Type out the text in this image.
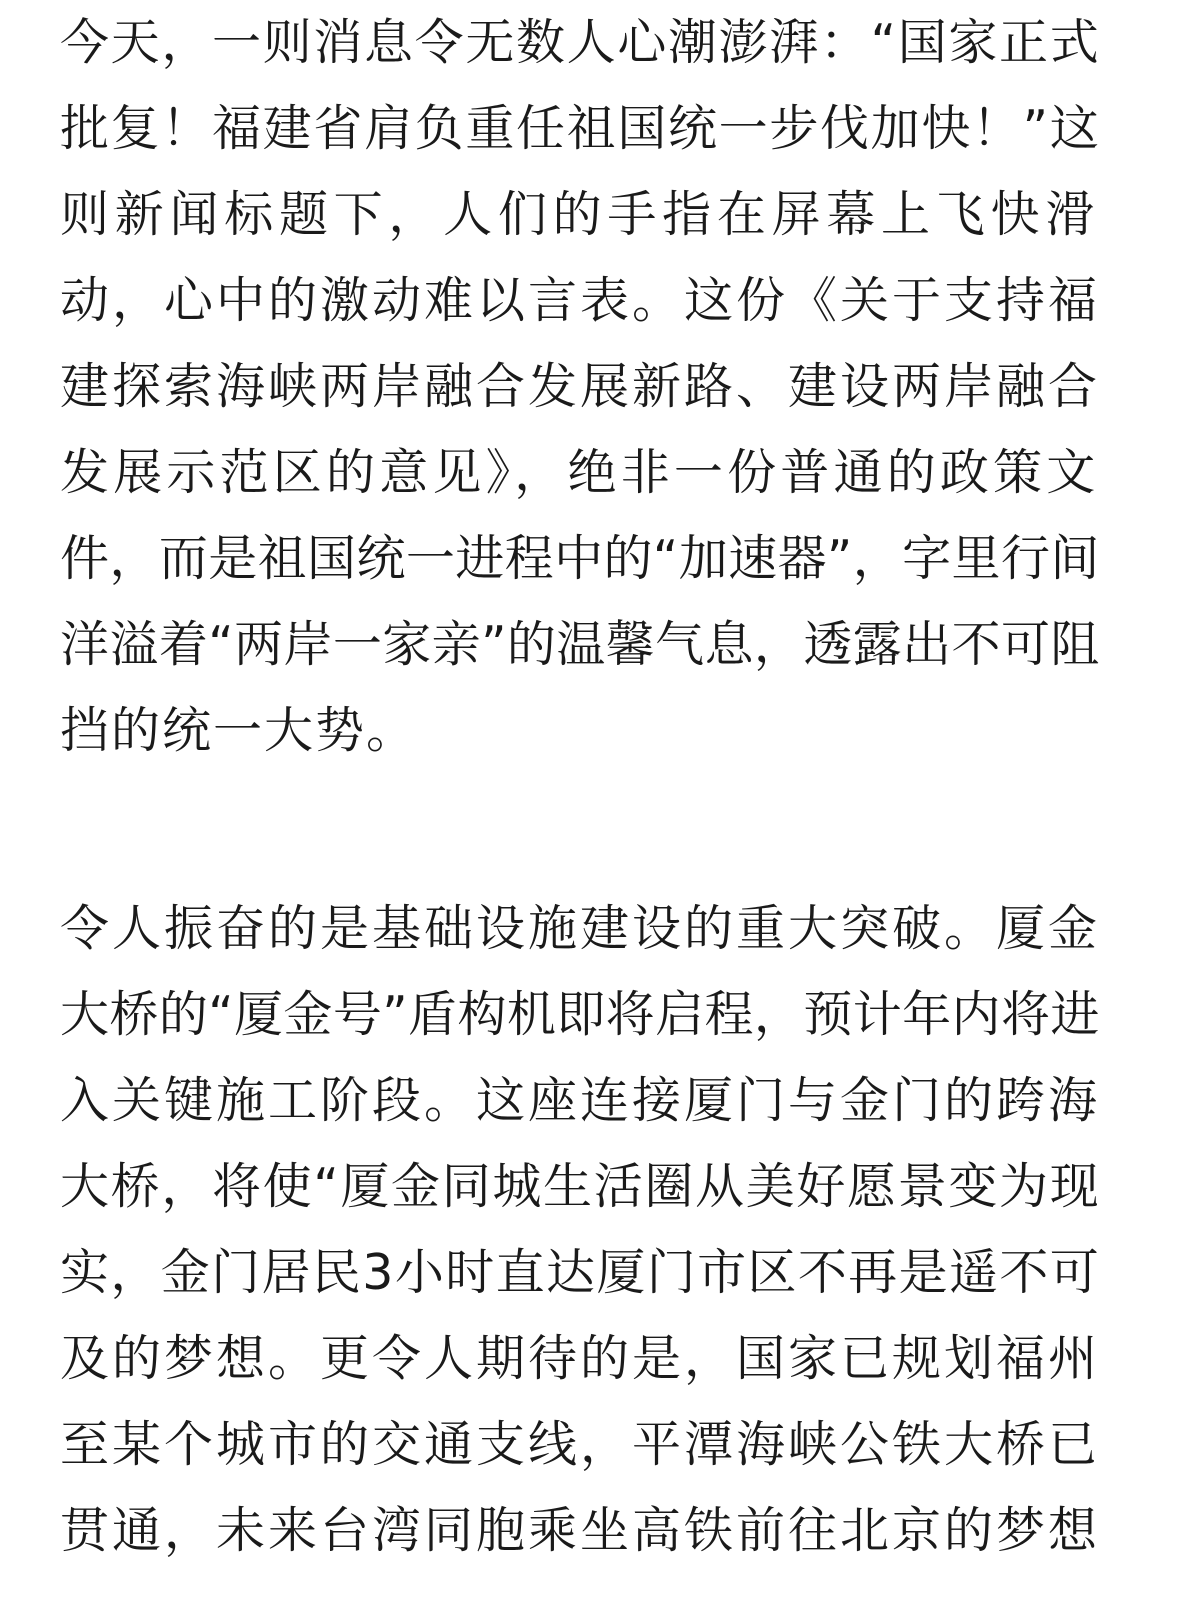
今天，一则消息令无数人心潮澎湃：“国家正式
批复！福建省肩负重任祖国统一步伐加快！”这
则新闻标题下，人们的手指在屏幕上飞快滑
动，心中的激动难以言表。这份《关于支持福
建探索海峡两岸融合发展新路、建设两岸融合
发展示范区的意见》，绝非一份普通的政策文
件，而是祖国统一进程中的“加速器”，字里行间
洋溢着“两岸一家亲”的温馨气息，透露出不可阻
挡的统一大势。
令人振奋的是基础设施建设的重大突破。厦金
大桥的“厦金号”盾构机即将启程，预计年内将进
入关键施工阶段。这座连接厦门与金门的跨海
大桥，将使“厦金同城生活圈从美好愿景变为现
实，金门居民3小时直达厦门市区不再是遥不可
及的梦想。更令人期待的是，国家已规划福州
至某个城市的交通支线，平潭海峡公铁大桥已
贯通，未来台湾同胞乘坐高铁前往北京的梦想
